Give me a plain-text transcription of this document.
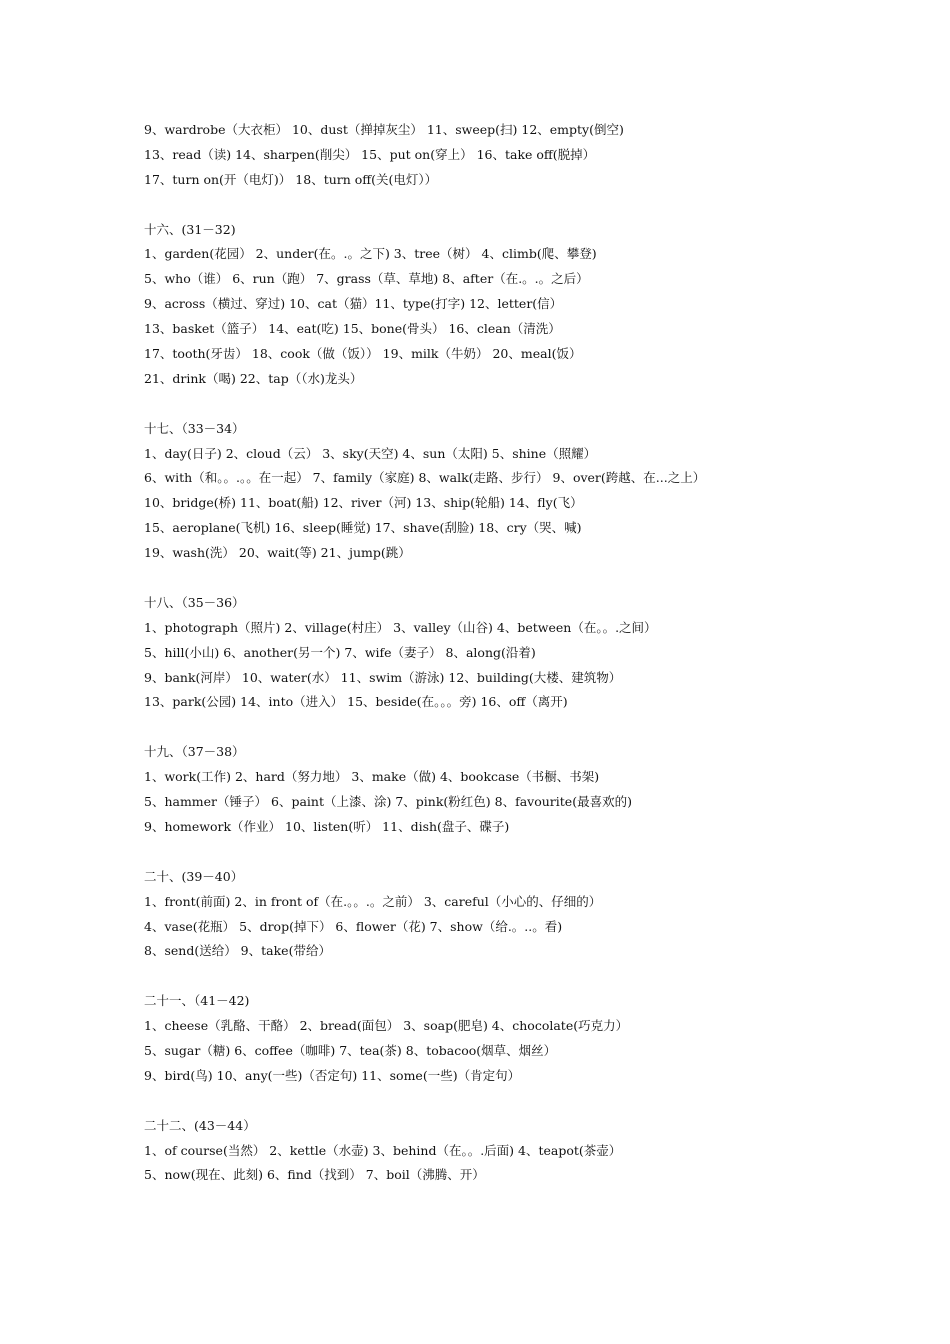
9、wardrobe（大衣柜） 10、dust（掸掉灰尘） 11、sweep(扫) 12、empty(倒空)
13、read（读) 14、sharpen(削尖） 15、put on(穿上） 16、take off(脱掉）
17、turn on(开（电灯)） 18、turn off(关(电灯））
十六、(31－32)
1、garden(花园） 2、under(在。.。之下) 3、tree（树） 4、climb(爬、攀登)
5、who（谁） 6、run（跑） 7、grass（草、草地) 8、after（在.。.。之后）
9、across（横过、穿过) 10、cat（猫）11、type(打字) 12、letter(信）
13、basket（篮子） 14、eat(吃) 15、bone(骨头） 16、clean（清洗）
17、tooth(牙齿） 18、cook（做（饭）） 19、milk（牛奶） 20、meal(饭）
21、drink（喝) 22、tap（（水)龙头）
十七、（33－34）
1、day(日子) 2、cloud（云） 3、sky(天空) 4、sun（太阳) 5、shine（照耀）
6、with（和。。.。。在一起） 7、family（家庭) 8、walk(走路、步行） 9、over(跨越、在...之上）
10、bridge(桥) 11、boat(船) 12、river（河) 13、ship(轮船) 14、fly(飞）
15、aeroplane(飞机) 16、sleep(睡觉) 17、shave(刮脸) 18、cry（哭、喊)
19、wash(洗） 20、wait(等) 21、jump(跳）
十八、（35－36）
1、photograph（照片) 2、village(村庄） 3、valley（山谷) 4、between（在。。.之间）
5、hill(小山) 6、another(另一个) 7、wife（妻子） 8、along(沿着)
9、bank(河岸） 10、water(水） 11、swim（游泳) 12、building(大楼、建筑物）
13、park(公园) 14、into（进入） 15、beside(在。。。旁) 16、off（离开)
十九、（37－38）
1、work(工作) 2、hard（努力地） 3、make（做) 4、bookcase（书橱、书架)
5、hammer（锤子） 6、paint（上漆、涂) 7、pink(粉红色) 8、favourite(最喜欢的)
9、homework（作业） 10、listen(听） 11、dish(盘子、碟子)
二十、(39－40）
1、front(前面) 2、in front of（在.。。.。之前） 3、careful（小心的、仔细的）
4、vase(花瓶） 5、drop(掉下） 6、flower（花) 7、show（给.。..。看)
8、send(送给） 9、take(带给）
二十一、（41－42)
1、cheese（乳酪、干酪） 2、bread(面包） 3、soap(肥皂) 4、chocolate(巧克力）
5、sugar（糖) 6、coffee（咖啡) 7、tea(茶) 8、tobacoo(烟草、烟丝）
9、bird(鸟) 10、any(一些)（否定句) 11、some(一些)（肯定句）
二十二、(43－44）
1、of course(当然） 2、kettle（水壶) 3、behind（在。。.后面) 4、teapot(茶壶）
5、now(现在、此刻) 6、find（找到） 7、boil（沸腾、开）
